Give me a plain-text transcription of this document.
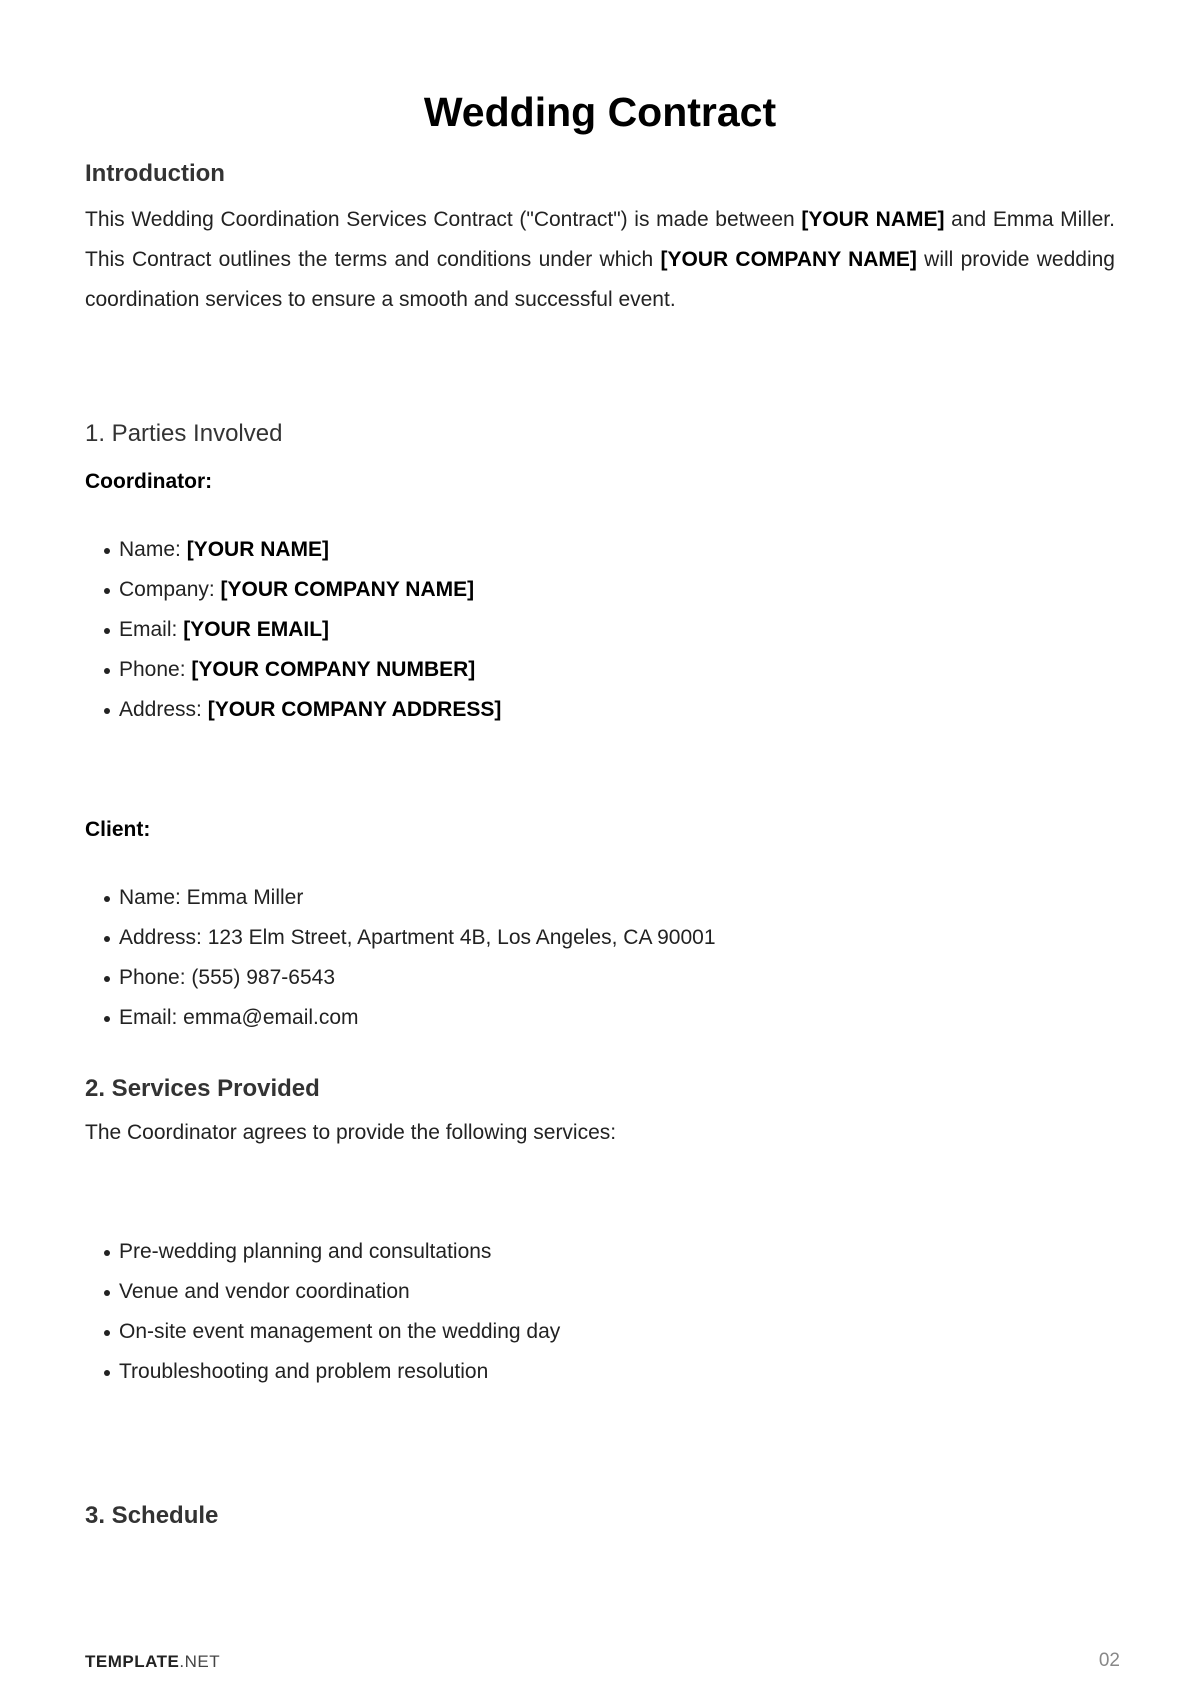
Wedding Contract
Introduction

This Wedding Coordination Services Contract ("Contract") is made between [YOUR NAME] and Emma Miller. This Contract outlines the terms and conditions under which [YOUR COMPANY NAME] will provide wedding coordination services to ensure a smooth and successful event.

1. Parties Involved

Coordinator:

Name: [YOUR NAME]
Company: [YOUR COMPANY NAME]
Email: [YOUR EMAIL]
Phone: [YOUR COMPANY NUMBER]
Address: [YOUR COMPANY ADDRESS]

Client:

Name: Emma Miller
Address: 123 Elm Street, Apartment 4B, Los Angeles, CA 90001
Phone: (555) 987-6543
Email: emma@email.com
2. Services Provided

The Coordinator agrees to provide the following services:

Pre-wedding planning and consultations
Venue and vendor coordination
On-site event management on the wedding day
Troubleshooting and problem resolution
3. Schedule
TEMPLATE.NET	02
